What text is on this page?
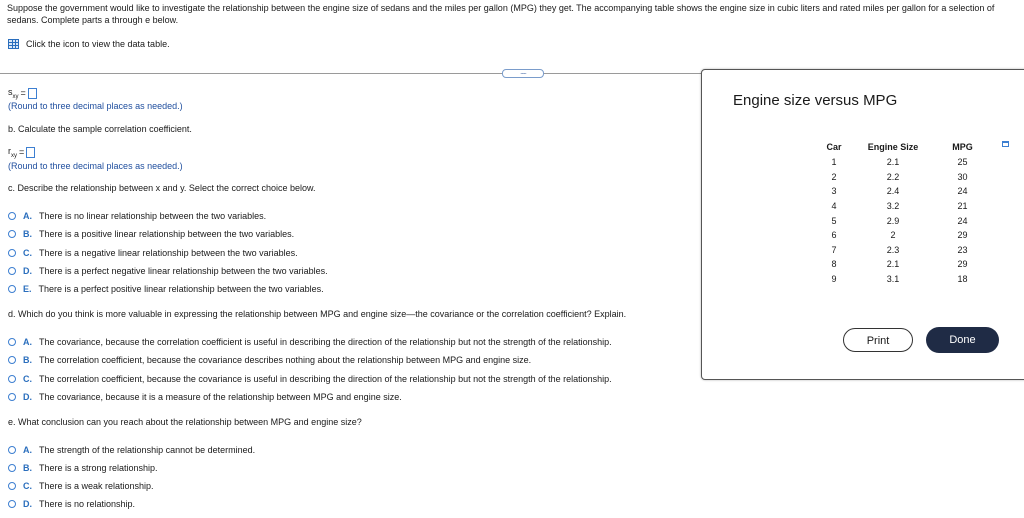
Suppose the government would like to investigate the relationship between the engine size of sedans and the miles per gallon (MPG) they get. The accompanying table shows the engine size in cubic liters and rated miles per gallon for a selection of sedans. Complete parts a through e below.
Click the icon to view the data table.
......
$s_{xy}$ =
(Round to three decimal places as needed.)
b. Calculate the sample correlation coefficient.
$r_{xy}$ =
(Round to three decimal places as needed.)
c. Describe the relationship between x and y. Select the correct choice below.
A. There is no linear relationship between the two variables.
B. There is a positive linear relationship between the two variables.
C. There is a negative linear relationship between the two variables.
D. There is a perfect negative linear relationship between the two variables.
E. There is a perfect positive linear relationship between the two variables.
d. Which do you think is more valuable in expressing the relationship between MPG and engine size—the covariance or the correlation coefficient? Explain.
A. The covariance, because the correlation coefficient is useful in describing the direction of the relationship but not the strength of the relationship.
B. The correlation coefficient, because the covariance describes nothing about the relationship between MPG and engine size.
C. The correlation coefficient, because the covariance is useful in describing the direction of the relationship but not the strength of the relationship.
D. The covariance, because it is a measure of the relationship between MPG and engine size.
e. What conclusion can you reach about the relationship between MPG and engine size?
A. The strength of the relationship cannot be determined.
B. There is a strong relationship.
C. There is a weak relationship.
D. There is no relationship.
Engine size versus MPG
Car	Engine Size	MPG
1	2.1	25
2	2.2	30
3	2.4	24
4	3.2	21
5	2.9	24
6	2	29
7	2.3	23
8	2.1	29
9	3.1	18
Print	Done
